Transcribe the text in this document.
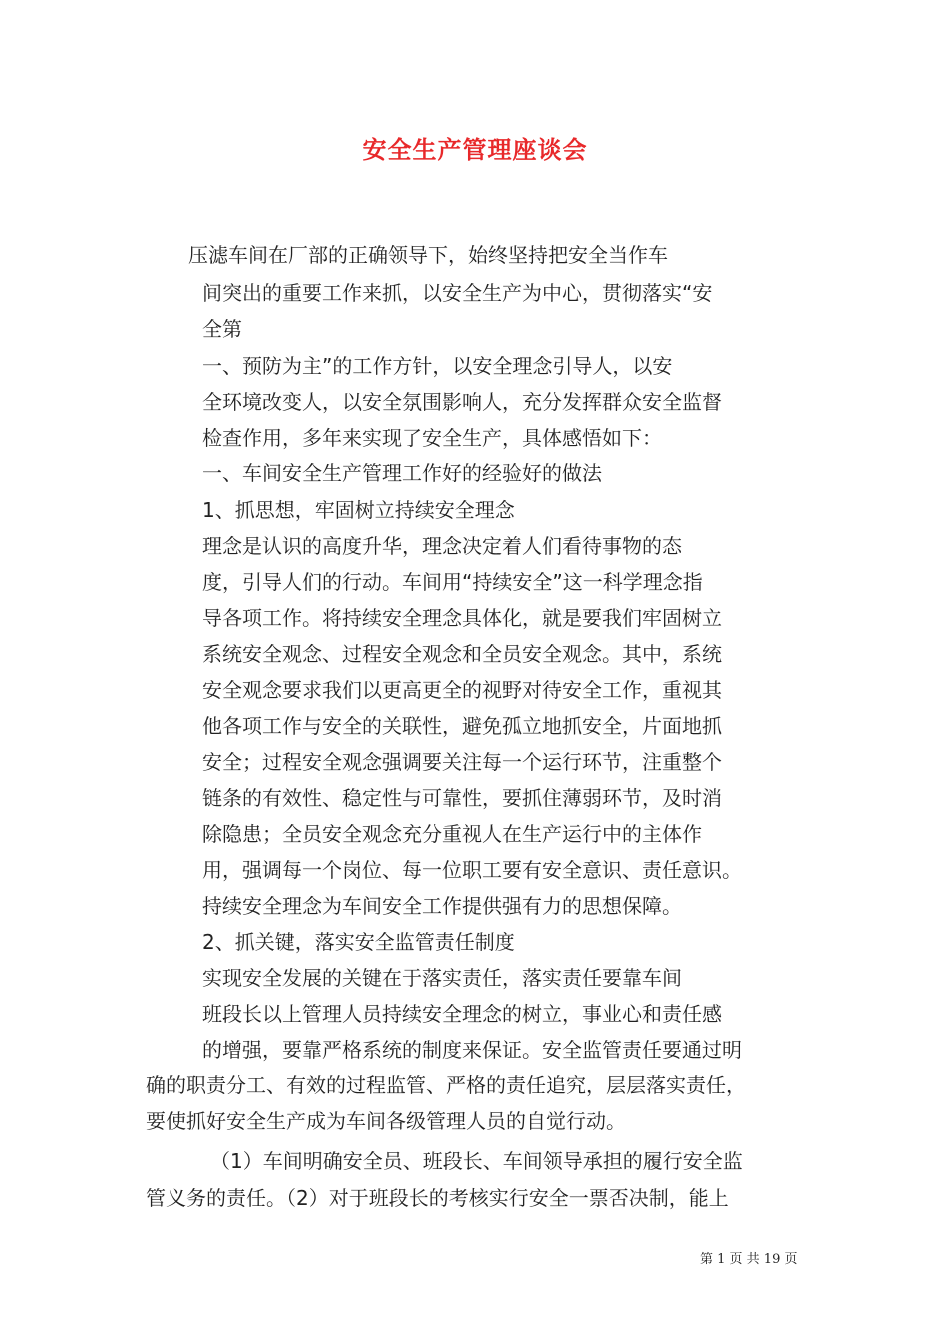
安全生产管理座谈会
压滤车间在厂部的正确领导下，始终坚持把安全当作车
间突出的重要工作来抓，以安全生产为中心，贯彻落实“安
全第
一、预防为主”的工作方针，以安全理念引导人，以安
全环境改变人，以安全氛围影响人，充分发挥群众安全监督
检查作用，多年来实现了安全生产，具体感悟如下：
一、车间安全生产管理工作好的经验好的做法
1、抓思想，牢固树立持续安全理念
理念是认识的高度升华，理念决定着人们看待事物的态
度，引导人们的行动。车间用“持续安全”这一科学理念指
导各项工作。将持续安全理念具体化，就是要我们牢固树立
系统安全观念、过程安全观念和全员安全观念。其中，系统
安全观念要求我们以更高更全的视野对待安全工作，重视其
他各项工作与安全的关联性，避免孤立地抓安全，片面地抓
安全；过程安全观念强调要关注每一个运行环节，注重整个
链条的有效性、稳定性与可靠性，要抓住薄弱环节，及时消
除隐患；全员安全观念充分重视人在生产运行中的主体作
用，强调每一个岗位、每一位职工要有安全意识、责任意识。
持续安全理念为车间安全工作提供强有力的思想保障。
2、抓关键，落实安全监管责任制度
实现安全发展的关键在于落实责任，落实责任要靠车间
班段长以上管理人员持续安全理念的树立，事业心和责任感
的增强，要靠严格系统的制度来保证。安全监管责任要通过明
确的职责分工、有效的过程监管、严格的责任追究，层层落实责任，
要使抓好安全生产成为车间各级管理人员的自觉行动。
（1）车间明确安全员、班段长、车间领导承担的履行安全监
管义务的责任。（2）对于班段长的考核实行安全一票否决制，能上
第 1 页 共 19 页
